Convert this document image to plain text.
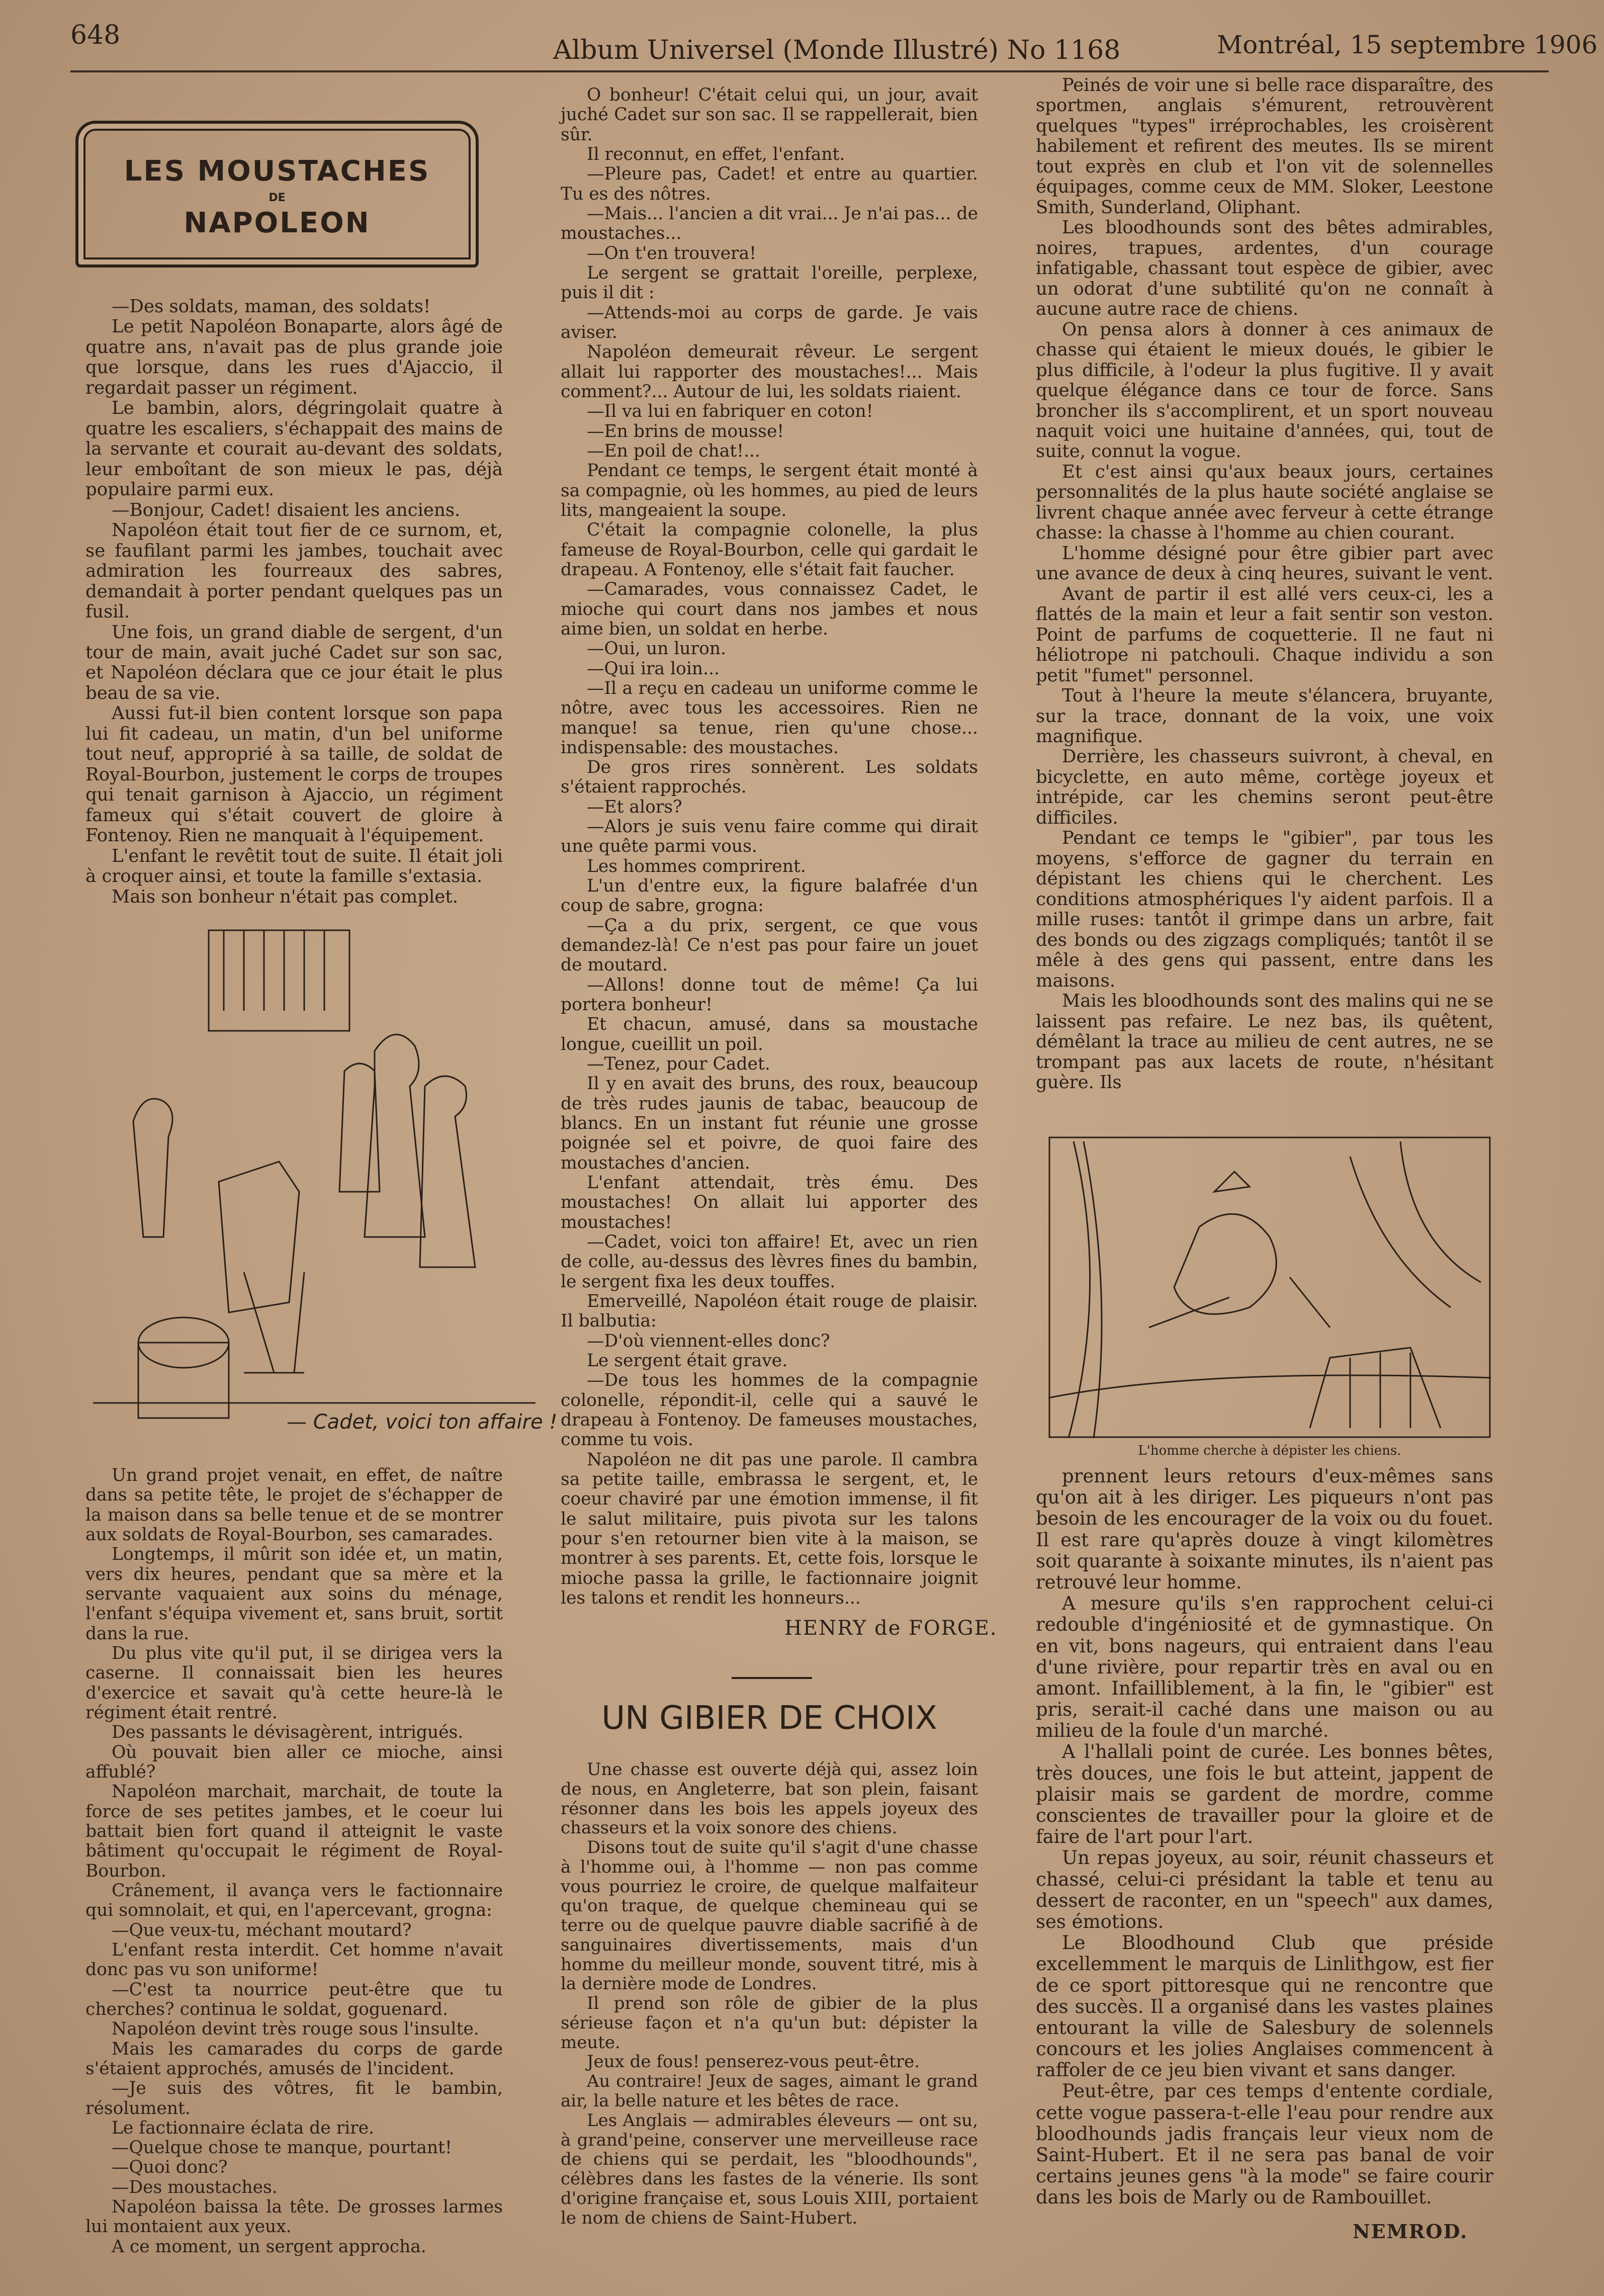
648	Album Universel (Monde Illustré) No 1168	Montréal, 15 septembre 1906
LES MOUSTACHES
DE
NAPOLEON

—Des soldats, maman, des soldats!

Le petit Napoléon Bonaparte, alors âgé de quatre ans, n'avait pas de plus grande joie que lorsque, dans les rues d'Ajaccio, il regardait passer un régiment.

Le bambin, alors, dégringolait quatre à quatre les escaliers, s'échappait des mains de la servante et courait au-devant des soldats, leur emboîtant de son mieux le pas, déjà populaire parmi eux.

—Bonjour, Cadet! disaient les anciens.

Napoléon était tout fier de ce surnom, et, se faufilant parmi les jambes, touchait avec admiration les fourreaux des sabres, demandait à porter pendant quelques pas un fusil.

Une fois, un grand diable de sergent, d'un tour de main, avait juché Cadet sur son sac, et Napoléon déclara que ce jour était le plus beau de sa vie.

Aussi fut-il bien content lorsque son papa lui fit cadeau, un matin, d'un bel uniforme tout neuf, approprié à sa taille, de soldat de Royal-Bourbon, justement le corps de troupes qui tenait garnison à Ajaccio, un régiment fameux qui s'était couvert de gloire à Fontenoy. Rien ne manquait à l'équipement.

L'enfant le revêtit tout de suite. Il était joli à croquer ainsi, et toute la famille s'extasia.

Mais son bonheur n'était pas complet.

— Cadet, voici ton affaire !

Un grand projet venait, en effet, de naître dans sa petite tête, le projet de s'échapper de la maison dans sa belle tenue et de se montrer aux soldats de Royal-Bourbon, ses camarades.

Longtemps, il mûrit son idée et, un matin, vers dix heures, pendant que sa mère et la servante vaquaient aux soins du ménage, l'enfant s'équipa vivement et, sans bruit, sortit dans la rue.

Du plus vite qu'il put, il se dirigea vers la caserne. Il connaissait bien les heures d'exercice et savait qu'à cette heure-là le régiment était rentré.

Des passants le dévisagèrent, intrigués.

Où pouvait bien aller ce mioche, ainsi affublé?

Napoléon marchait, marchait, de toute la force de ses petites jambes, et le coeur lui battait bien fort quand il atteignit le vaste bâtiment qu'occupait le régiment de Royal-Bourbon.

Crânement, il avança vers le factionnaire qui somnolait, et qui, en l'apercevant, grogna:

—Que veux-tu, méchant moutard?

L'enfant resta interdit. Cet homme n'avait donc pas vu son uniforme!

—C'est ta nourrice peut-être que tu cherches? continua le soldat, goguenard.

Napoléon devint très rouge sous l'insulte.

Mais les camarades du corps de garde s'étaient approchés, amusés de l'incident.

—Je suis des vôtres, fit le bambin, résolument.

Le factionnaire éclata de rire.

—Quelque chose te manque, pourtant!

—Quoi donc?

—Des moustaches.

Napoléon baissa la tête. De grosses larmes lui montaient aux yeux.

A ce moment, un sergent approcha.

O bonheur! C'était celui qui, un jour, avait juché Cadet sur son sac. Il se rappellerait, bien sûr.

Il reconnut, en effet, l'enfant.

—Pleure pas, Cadet! et entre au quartier. Tu es des nôtres.

—Mais... l'ancien a dit vrai... Je n'ai pas... de moustaches...

—On t'en trouvera!

Le sergent se grattait l'oreille, perplexe, puis il dit :

—Attends-moi au corps de garde. Je vais aviser.

Napoléon demeurait rêveur. Le sergent allait lui rapporter des moustaches!... Mais comment?... Autour de lui, les soldats riaient.

—Il va lui en fabriquer en coton!

—En brins de mousse!

—En poil de chat!...

Pendant ce temps, le sergent était monté à sa compagnie, où les hommes, au pied de leurs lits, mangeaient la soupe.

C'était la compagnie colonelle, la plus fameuse de Royal-Bourbon, celle qui gardait le drapeau. A Fontenoy, elle s'était fait faucher.

—Camarades, vous connaissez Cadet, le mioche qui court dans nos jambes et nous aime bien, un soldat en herbe.

—Oui, un luron.

—Qui ira loin...

—Il a reçu en cadeau un uniforme comme le nôtre, avec tous les accessoires. Rien ne manque! sa tenue, rien qu'une chose... indispensable: des moustaches.

De gros rires sonnèrent. Les soldats s'étaient rapprochés.

—Et alors?

—Alors je suis venu faire comme qui dirait une quête parmi vous.

Les hommes comprirent.

L'un d'entre eux, la figure balafrée d'un coup de sabre, grogna:

—Ça a du prix, sergent, ce que vous demandez-là! Ce n'est pas pour faire un jouet de moutard.

—Allons! donne tout de même! Ça lui portera bonheur!

Et chacun, amusé, dans sa moustache longue, cueillit un poil.

—Tenez, pour Cadet.

Il y en avait des bruns, des roux, beaucoup de très rudes jaunis de tabac, beaucoup de blancs. En un instant fut réunie une grosse poignée sel et poivre, de quoi faire des moustaches d'ancien.

L'enfant attendait, très ému. Des moustaches! On allait lui apporter des moustaches!

—Cadet, voici ton affaire! Et, avec un rien de colle, au-dessus des lèvres fines du bambin, le sergent fixa les deux touffes.

Emerveillé, Napoléon était rouge de plaisir. Il balbutia:

—D'où viennent-elles donc?

Le sergent était grave.

—De tous les hommes de la compagnie colonelle, répondit-il, celle qui a sauvé le drapeau à Fontenoy. De fameuses moustaches, comme tu vois.

Napoléon ne dit pas une parole. Il cambra sa petite taille, embrassa le sergent, et, le coeur chaviré par une émotion immense, il fit le salut militaire, puis pivota sur les talons pour s'en retourner bien vite à la maison, se montrer à ses parents. Et, cette fois, lorsque le mioche passa la grille, le factionnaire joignit les talons et rendit les honneurs...

HENRY de FORGE.
UN GIBIER DE CHOIX

Une chasse est ouverte déjà qui, assez loin de nous, en Angleterre, bat son plein, faisant résonner dans les bois les appels joyeux des chasseurs et la voix sonore des chiens.

Disons tout de suite qu'il s'agit d'une chasse à l'homme oui, à l'homme — non pas comme vous pourriez le croire, de quelque malfaiteur qu'on traque, de quelque chemineau qui se terre ou de quelque pauvre diable sacrifié à de sanguinaires divertissements, mais d'un homme du meilleur monde, souvent titré, mis à la dernière mode de Londres.

Il prend son rôle de gibier de la plus sérieuse façon et n'a qu'un but: dépister la meute.

Jeux de fous! penserez-vous peut-être.

Au contraire! Jeux de sages, aimant le grand air, la belle nature et les bêtes de race.

Les Anglais — admirables éleveurs — ont su, à grand'peine, conserver une merveilleuse race de chiens qui se perdait, les "bloodhounds", célèbres dans les fastes de la vénerie. Ils sont d'origine française et, sous Louis XIII, portaient le nom de chiens de Saint-Hubert.

Peinés de voir une si belle race disparaître, des sportmen, anglais s'émurent, retrouvèrent quelques "types" irréprochables, les croisèrent habilement et refirent des meutes. Ils se mirent tout exprès en club et l'on vit de solennelles équipages, comme ceux de MM. Sloker, Leestone Smith, Sunderland, Oliphant.

Les bloodhounds sont des bêtes admirables, noires, trapues, ardentes, d'un courage infatigable, chassant tout espèce de gibier, avec un odorat d'une subtilité qu'on ne connaît à aucune autre race de chiens.

On pensa alors à donner à ces animaux de chasse qui étaient le mieux doués, le gibier le plus difficile, à l'odeur la plus fugitive. Il y avait quelque élégance dans ce tour de force. Sans broncher ils s'accomplirent, et un sport nouveau naquit voici une huitaine d'années, qui, tout de suite, connut la vogue.

Et c'est ainsi qu'aux beaux jours, certaines personnalités de la plus haute société anglaise se livrent chaque année avec ferveur à cette étrange chasse: la chasse à l'homme au chien courant.

L'homme désigné pour être gibier part avec une avance de deux à cinq heures, suivant le vent.

Avant de partir il est allé vers ceux-ci, les a flattés de la main et leur a fait sentir son veston. Point de parfums de coquetterie. Il ne faut ni héliotrope ni patchouli. Chaque individu a son petit "fumet" personnel.

Tout à l'heure la meute s'élancera, bruyante, sur la trace, donnant de la voix, une voix magnifique.

Derrière, les chasseurs suivront, à cheval, en bicyclette, en auto même, cortège joyeux et intrépide, car les chemins seront peut-être difficiles.

Pendant ce temps le "gibier", par tous les moyens, s'efforce de gagner du terrain en dépistant les chiens qui le cherchent. Les conditions atmosphériques l'y aident parfois. Il a mille ruses: tantôt il grimpe dans un arbre, fait des bonds ou des zigzags compliqués; tantôt il se mêle à des gens qui passent, entre dans les maisons.

Mais les bloodhounds sont des malins qui ne se laissent pas refaire. Le nez bas, ils quêtent, démêlant la trace au milieu de cent autres, ne se trompant pas aux lacets de route, n'hésitant guère. Ils

L'homme cherche à dépister les chiens.

prennent leurs retours d'eux-mêmes sans qu'on ait à les diriger. Les piqueurs n'ont pas besoin de les encourager de la voix ou du fouet. Il est rare qu'après douze à vingt kilomètres soit quarante à soixante minutes, ils n'aient pas retrouvé leur homme.

A mesure qu'ils s'en rapprochent celui-ci redouble d'ingéniosité et de gymnastique. On en vit, bons nageurs, qui entraient dans l'eau d'une rivière, pour repartir très en aval ou en amont. Infailliblement, à la fin, le "gibier" est pris, serait-il caché dans une maison ou au milieu de la foule d'un marché.

A l'hallali point de curée. Les bonnes bêtes, très douces, une fois le but atteint, jappent de plaisir mais se gardent de mordre, comme conscientes de travailler pour la gloire et de faire de l'art pour l'art.

Un repas joyeux, au soir, réunit chasseurs et chassé, celui-ci présidant la table et tenu au dessert de raconter, en un "speech" aux dames, ses émotions.

Le Bloodhound Club que préside excellemment le marquis de Linlithgow, est fier de ce sport pittoresque qui ne rencontre que des succès. Il a organisé dans les vastes plaines entourant la ville de Salesbury de solennels concours et les jolies Anglaises commencent à raffoler de ce jeu bien vivant et sans danger.

Peut-être, par ces temps d'entente cordiale, cette vogue passera-t-elle l'eau pour rendre aux bloodhounds jadis français leur vieux nom de Saint-Hubert. Et il ne sera pas banal de voir certains jeunes gens "à la mode" se faire courir dans les bois de Marly ou de Rambouillet.

NEMROD.
